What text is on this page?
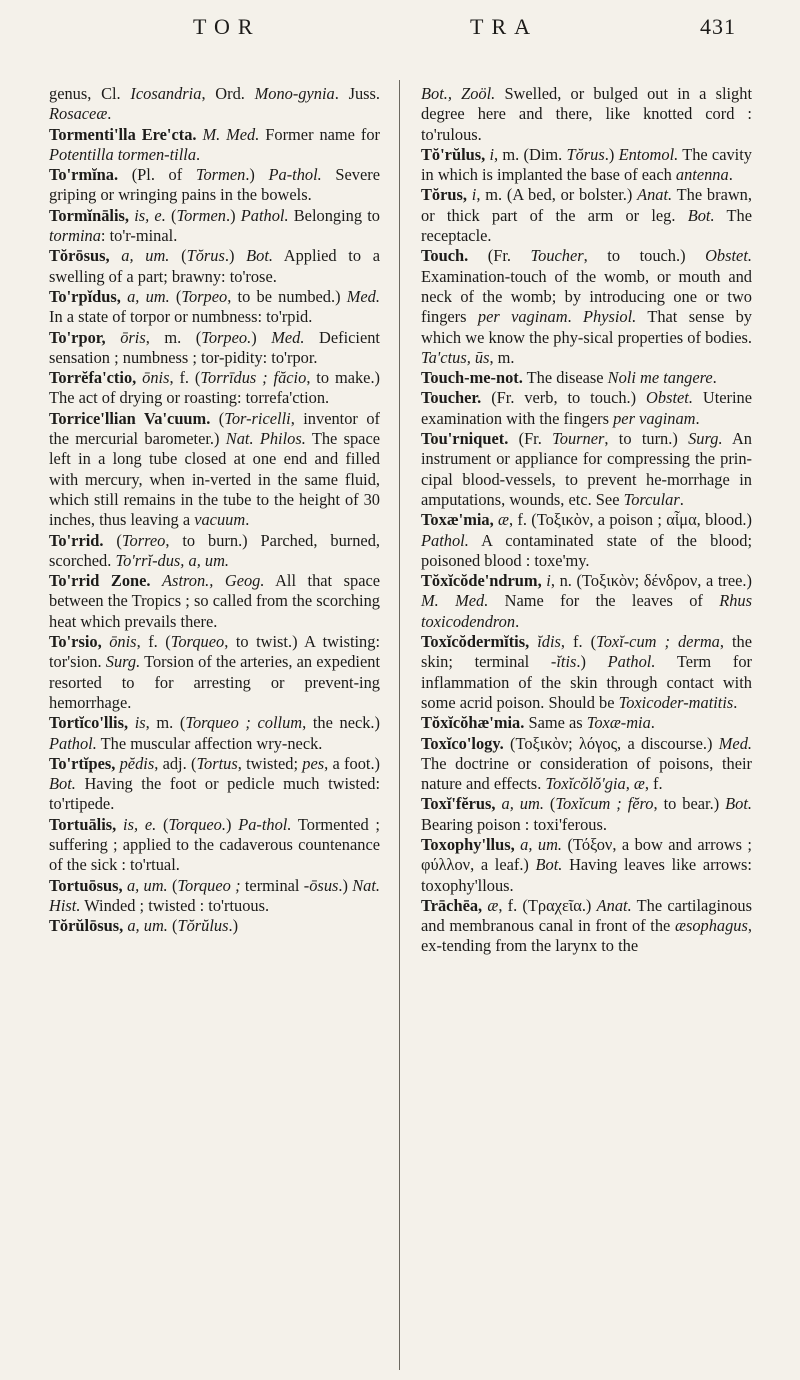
TOR	TRA	431
genus, Cl. Icosandria, Ord. Mono-gynia. Juss. Rosaceæ.
Tormenti'lla Ere'cta. M. Med. Former name for Potentilla tormen-tilla.
To'rmĭna. (Pl. of Tormen.) Pa-thol. Severe griping or wringing pains in the bowels.
Tormĭnālis, is, e. (Tormen.) Pathol. Belonging to tormina: to'r-minal.
Tŏrōsus, a, um. (Tŏrus.) Bot. Applied to a swelling of a part; brawny: to'rose.
To'rpĭdus, a, um. (Torpeo, to be numbed.) Med. In a state of torpor or numbness: to'rpid.
To'rpor, ōris, m. (Torpeo.) Med. Deficient sensation ; numbness ; tor-pidity: to'rpor.
Torrĕfa'ctio, ōnis, f. (Torrīdus ; făcio, to make.) The act of drying or roasting: torrefa'ction.
Torrice'llian Va'cuum. (Tor-ricelli, inventor of the mercurial barometer.) Nat. Philos. The space left in a long tube closed at one end and filled with mercury, when in-verted in the same fluid, which still remains in the tube to the height of 30 inches, thus leaving a vacuum.
To'rrid. (Torreo, to burn.) Parched, burned, scorched. To'rrĭ-dus, a, um.
To'rrid Zone. Astron., Geog. All that space between the Tropics ; so called from the scorching heat which prevails there.
To'rsio, ōnis, f. (Torqueo, to twist.) A twisting: tor'sion. Surg. Torsion of the arteries, an expedient resorted to for arresting or prevent-ing hemorrhage.
Tortĭco'llis, is, m. (Torqueo ; collum, the neck.) Pathol. The muscular affection wry-neck.
To'rtĭpes, pĕdis, adj. (Tortus, twisted; pes, a foot.) Bot. Having the foot or pedicle much twisted: to'rtipede.
Tortuālis, is, e. (Torqueo.) Pa-thol. Tormented ; suffering ; applied to the cadaverous countenance of the sick : to'rtual.
Tortuōsus, a, um. (Torqueo ; terminal -ōsus.) Nat. Hist. Winded ; twisted : to'rtuous.
Tŏrŭlōsus, a, um. (Tŏrŭlus.)
Bot., Zoöl. Swelled, or bulged out in a slight degree here and there, like knotted cord : to'rulous.
Tŏ'rŭlus, i, m. (Dim. Tŏrus.) Entomol. The cavity in which is implanted the base of each antenna.
Tŏrus, i, m. (A bed, or bolster.) Anat. The brawn, or thick part of the arm or leg. Bot. The receptacle.
Touch. (Fr. Toucher, to touch.) Obstet. Examination-touch of the womb, or mouth and neck of the womb; by introducing one or two fingers per vaginam. Physiol. That sense by which we know the phy-sical properties of bodies. Ta'ctus, ūs, m.
Touch-me-not. The disease Noli me tangere.
Toucher. (Fr. verb, to touch.) Obstet. Uterine examination with the fingers per vaginam.
Tou'rniquet. (Fr. Tourner, to turn.) Surg. An instrument or appliance for compressing the prin-cipal blood-vessels, to prevent he-morrhage in amputations, wounds, etc. See Torcular.
Toxæ'mia, æ, f. (Τοξικὸν, a poison ; αἷμα, blood.) Pathol. A contaminated state of the blood; poisoned blood : toxe'my.
Tŏxĭcŏde'ndrum, i, n. (Τοξικὸν; δένδρον, a tree.) M. Med. Name for the leaves of Rhus toxicodendron.
Toxĭcŏdermĭtis, ĭdis, f. (Toxĭ-cum ; derma, the skin; terminal -ĭtis.) Pathol. Term for inflammation of the skin through contact with some acrid poison. Should be Toxicoder-matitis.
Tŏxĭcŏhæ'mia. Same as Toxæ-mia.
Toxĭco'logy. (Τοξικὸν; λόγος, a discourse.) Med. The doctrine or consideration of poisons, their nature and effects. Toxĭcŏlŏ'gia, æ, f.
Toxĭ'fĕrus, a, um. (Toxĭcum ; fĕro, to bear.) Bot. Bearing poison : toxi'ferous.
Toxophy'llus, a, um. (Τόξον, a bow and arrows ; φύλλον, a leaf.) Bot. Having leaves like arrows: toxophy'llous.
Trāchēa, æ, f. (Τραχεῖα.) Anat. The cartilaginous and membranous canal in front of the æsophagus, ex-tending from the larynx to the
